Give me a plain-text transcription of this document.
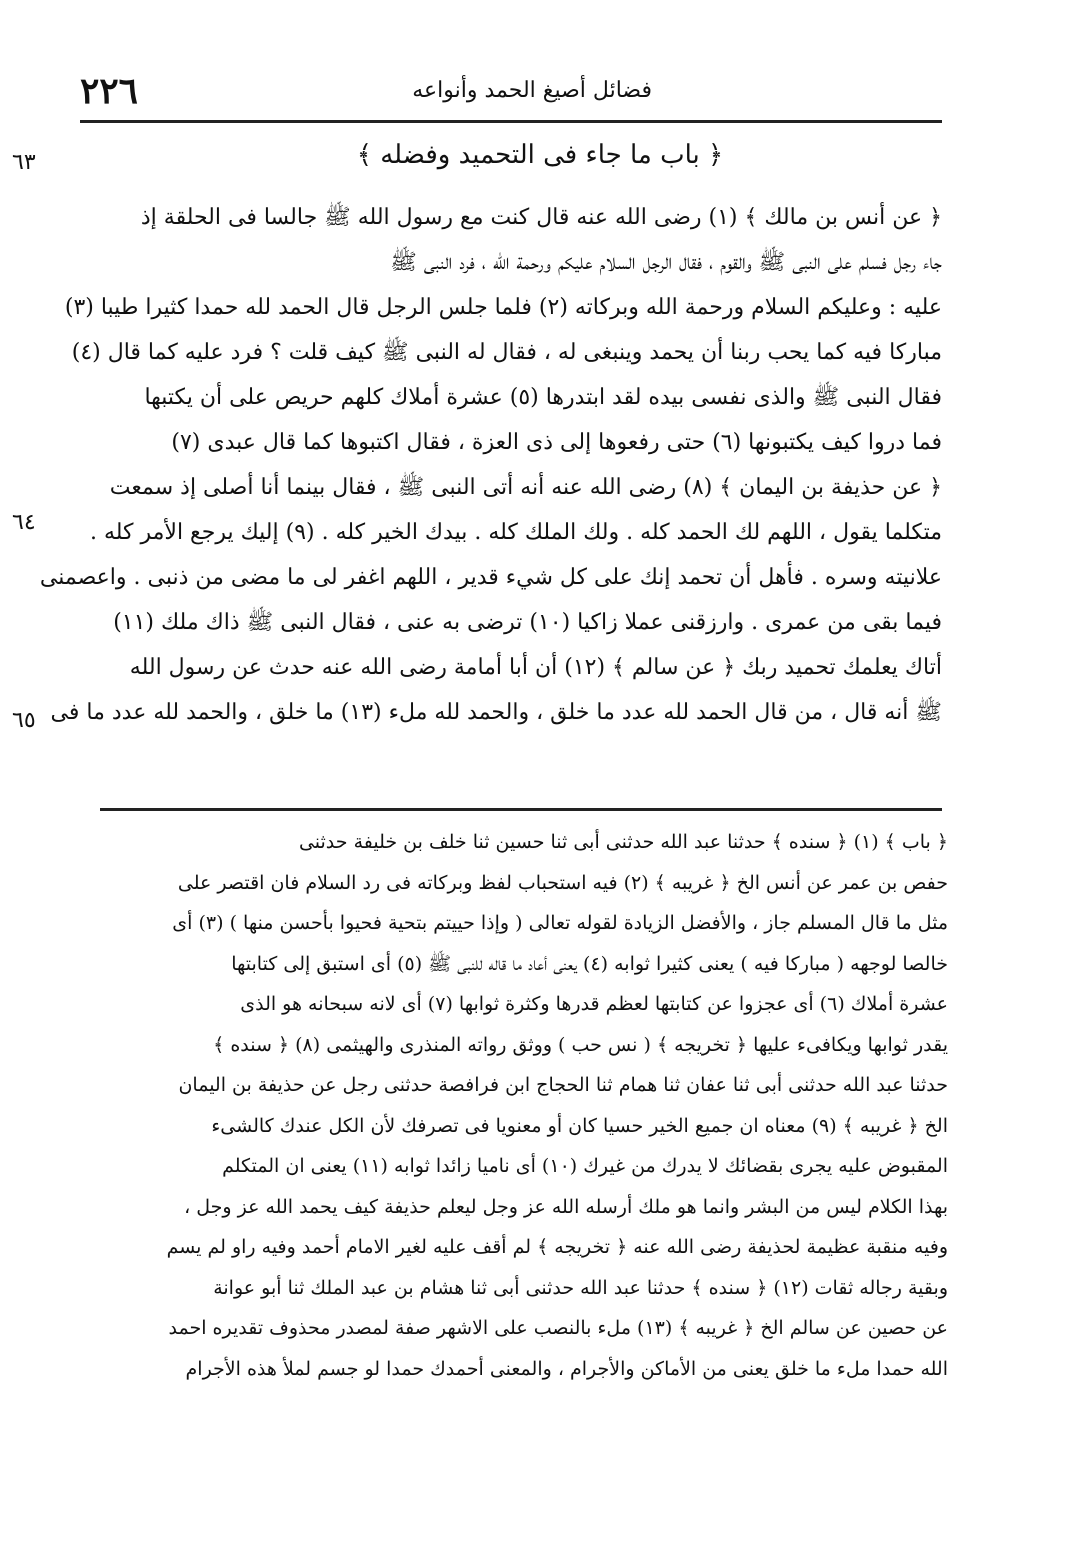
٢٢٦	فضائل أصيغ الحمد وأنواعه
﴿ باب ما جاء فى التحميد وفضله ﴾
٦٣
٦٤
٦٥
﴿ عن أنس بن مالك ﴾ (١) رضى الله عنه قال كنت مع رسول الله ﷺ جالسا فى الحلقة إذ
جاء رجل فسلم على النبى ﷺ والقوم ، فقال الرجل السلام عليكم ورحمة الله ، فرد النبى ﷺ
عليه : وعليكم السلام ورحمة الله وبركاته (٢) فلما جلس الرجل قال الحمد لله حمدا كثيرا طيبا (٣)
مباركا فيه كما يحب ربنا أن يحمد وينبغى له ، فقال له النبى ﷺ كيف قلت ؟ فرد عليه كما قال (٤)
فقال النبى ﷺ والذى نفسى بيده لقد ابتدرها (٥) عشرة أملاك كلهم حريص على أن يكتبها
فما دروا كيف يكتبونها (٦) حتى رفعوها إلى ذى العزة ، فقال اكتبوها كما قال عبدى (٧)
﴿ عن حذيفة بن اليمان ﴾ (٨) رضى الله عنه أنه أتى النبى ﷺ ، فقال بينما أنا أصلى إذ سمعت
متكلما يقول ، اللهم لك الحمد كله . ولك الملك كله . بيدك الخير كله . (٩) إليك يرجع الأمر كله .
علانيته وسره . فأهل أن تحمد إنك على كل شيء قدير ، اللهم اغفر لى ما مضى من ذنبى . واعصمنى
فيما بقى من عمرى . وارزقنى عملا زاكيا (١٠) ترضى به عنى ، فقال النبى ﷺ ذاك ملك (١١)
أتاك يعلمك تحميد ربك ﴿ عن سالم ﴾ (١٢) أن أبا أمامة رضى الله عنه حدث عن رسول الله
ﷺ أنه قال ، من قال الحمد لله عدد ما خلق ، والحمد لله ملء (١٣) ما خلق ، والحمد لله عدد ما فى
﴿ باب ﴾ (١) ﴿ سنده ﴾ حدثنا عبد الله حدثنى أبى ثنا حسين ثنا خلف بن خليفة حدثنى
حفص بن عمر عن أنس الخ ﴿ غريبه ﴾ (٢) فيه استحباب لفظ وبركاته فى رد السلام فان اقتصر على
مثل ما قال المسلم جاز ، والأفضل الزيادة لقوله تعالى ( وإذا حييتم بتحية فحيوا بأحسن منها ) (٣) أى
خالصا لوجهه ( مباركا فيه ) يعنى كثيرا ثوابه (٤) يعنى أعاد ما قاله للنبى ﷺ (٥) أى استبق إلى كتابتها
عشرة أملاك (٦) أى عجزوا عن كتابتها لعظم قدرها وكثرة ثوابها (٧) أى لانه سبحانه هو الذى
يقدر ثوابها ويكافىء عليها ﴿ تخريجه ﴾ ( نس حب ) ووثق رواته المنذرى والهيثمى (٨) ﴿ سنده ﴾
حدثنا عبد الله حدثنى أبى ثنا عفان ثنا همام ثنا الحجاج ابن فرافصة حدثنى رجل عن حذيفة بن اليمان
الخ ﴿ غريبه ﴾ (٩) معناه ان جميع الخير حسيا كان أو معنويا فى تصرفك لأن الكل عندك كالشىء
المقبوض عليه يجرى بقضائك لا يدرك من غيرك (١٠) أى ناميا زائدا ثوابه (١١) يعنى ان المتكلم
بهذا الكلام ليس من البشر وانما هو ملك أرسله الله عز وجل ليعلم حذيفة كيف يحمد الله عز وجل ،
وفيه منقبة عظيمة لحذيفة رضى الله عنه ﴿ تخريجه ﴾ لم أقف عليه لغير الامام أحمد وفيه راو لم يسم
وبقية رجاله ثقات (١٢) ﴿ سنده ﴾ حدثنا عبد الله حدثنى أبى ثنا هشام بن عبد الملك ثنا أبو عوانة
عن حصين عن سالم الخ ﴿ غريبه ﴾ (١٣) ملء بالنصب على الاشهر صفة لمصدر محذوف تقديره احمد
الله حمدا ملء ما خلق يعنى من الأماكن والأجرام ، والمعنى أحمدك حمدا لو جسم لملأ هذه الأجرام
